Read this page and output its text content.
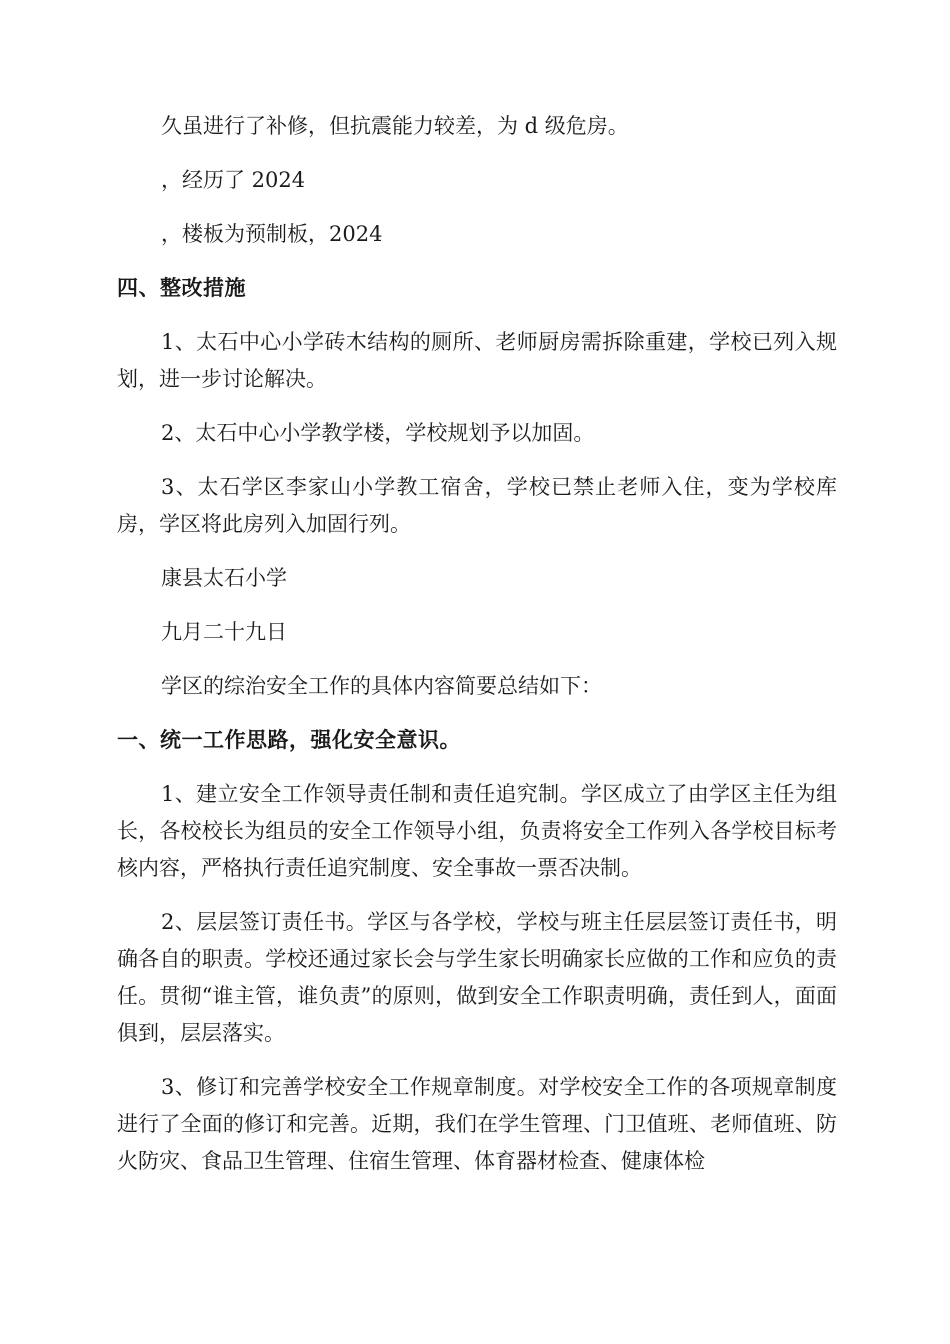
久虽进行了补修，但抗震能力较差，为 d 级危房。

，经历了 2024

，楼板为预制板，2024

四、整改措施

1、太石中心小学砖木结构的厕所、老师厨房需拆除重建，学校已列入规划，进一步讨论解决。

2、太石中心小学教学楼，学校规划予以加固。

3、太石学区李家山小学教工宿舍，学校已禁止老师入住，变为学校库房，学区将此房列入加固行列。

康县太石小学

九月二十九日

学区的综治安全工作的具体内容简要总结如下：

一、统一工作思路，强化安全意识。

1、建立安全工作领导责任制和责任追究制。学区成立了由学区主任为组长，各校校长为组员的安全工作领导小组，负责将安全工作列入各学校目标考核内容，严格执行责任追究制度、安全事故一票否决制。

2、层层签订责任书。学区与各学校，学校与班主任层层签订责任书，明确各自的职责。学校还通过家长会与学生家长明确家长应做的工作和应负的责任。贯彻“谁主管，谁负责”的原则，做到安全工作职责明确，责任到人，面面俱到，层层落实。

3、修订和完善学校安全工作规章制度。对学校安全工作的各项规章制度进行了全面的修订和完善。近期，我们在学生管理、门卫值班、老师值班、防火防灾、食品卫生管理、住宿生管理、体育器材检查、健康体检
